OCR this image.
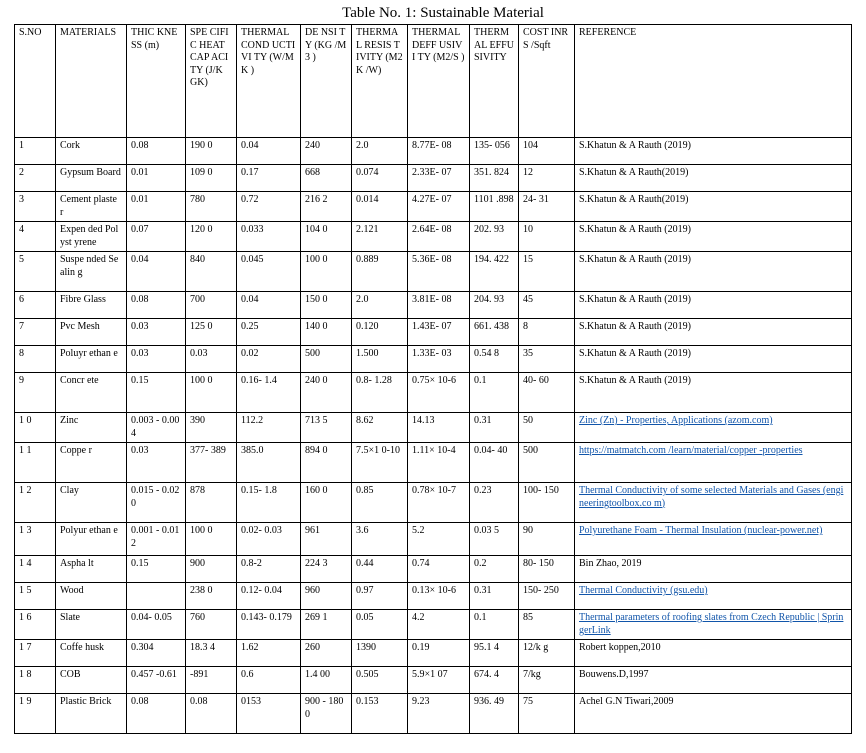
Table No. 1: Sustainable Material
S.NO	MATERIALS	THIC KNESS (m)	SPE CIFI C HEAT CAP ACITY (J/K GK)	THERMAL COND UCTIVI TY (W/MK )	DE NSI TY (KG /M3 )	THERMAL RESIS TIVITY (M2K /W)	THERMAL DEFF USIVI TY (M2/S )	THERMAL EFFU SIVITY	COST INRS /Sqft	REFERENCE
1	Cork	0.08	190 0	0.04	240	2.0	8.77E- 08	135- 056	104	S.Khatun & A Rauth (2019)
2	Gypsum Board	0.01	109 0	0.17	668	0.074	2.33E- 07	351. 824	12	S.Khatun & A Rauth(2019)
3	Cement plaste r	0.01	780	0.72	216 2	0.014	4.27E- 07	1101 .898	24- 31	S.Khatun & A Rauth(2019)
4	Expen ded Polyst yrene	0.07	120 0	0.033	104 0	2.121	2.64E- 08	202. 93	10	S.Khatun & A Rauth (2019)
5	Suspe nded Sealin g	0.04	840	0.045	100 0	0.889	5.36E- 08	194. 422	15	S.Khatun & A Rauth (2019)
6	Fibre Glass	0.08	700	0.04	150 0	2.0	3.81E- 08	204. 93	45	S.Khatun & A Rauth (2019)
7	Pvc Mesh	0.03	125 0	0.25	140 0	0.120	1.43E- 07	661. 438	8	S.Khatun & A Rauth (2019)
8	Poluyr ethan e	0.03	0.03	0.02	500	1.500	1.33E- 03	0.54 8	35	S.Khatun & A Rauth (2019)
9	Concr ete	0.15	100 0	0.16- 1.4	240 0	0.8- 1.28	0.75× 10-6	0.1	40- 60	S.Khatun & A Rauth (2019)
1 0	Zinc	0.003 - 0.004	390	112.2	713 5	8.62	14.13	0.31	50	Zinc (Zn) - Properties, Applications (azom.com)
1 1	Coppe r	0.03	377- 389	385.0	894 0	7.5×1 0-10	1.11× 10-4	0.04- 40	500	https://matmatch.com /learn/material/copper -properties
1 2	Clay	0.015 - 0.020	878	0.15- 1.8	160 0	0.85	0.78× 10-7	0.23	100- 150	Thermal Conductivity of some selected Materials and Gases (engineeringtoolbox.co m)
1 3	Polyur ethan e	0.001 - 0.012	100 0	0.02- 0.03	961	3.6	5.2	0.03 5	90	Polyurethane Foam - Thermal Insulation (nuclear-power.net)
1 4	Aspha lt	0.15	900	0.8-2	224 3	0.44	0.74	0.2	80- 150	Bin Zhao, 2019
1 5	Wood		238 0	0.12- 0.04	960	0.97	0.13× 10-6	0.31	150- 250	Thermal Conductivity (gsu.edu)
1 6	Slate	0.04- 0.05	760	0.143- 0.179	269 1	0.05	4.2	0.1	85	Thermal parameters of roofing slates from Czech Republic | SpringerLink
1 7	Coffe husk	0.304	18.3 4	1.62	260	1390	0.19	95.1 4	12/k g	Robert koppen,2010
1 8	COB	0.457 -0.61	-891	0.6	1.4 00	0.505	5.9×1 07	674. 4	7/kg	Bouwens.D,1997
1 9	Plastic Brick	0.08	0.08	0153	900 - 180 0	0.153	9.23	936. 49	75	Achel G.N Tiwari,2009
